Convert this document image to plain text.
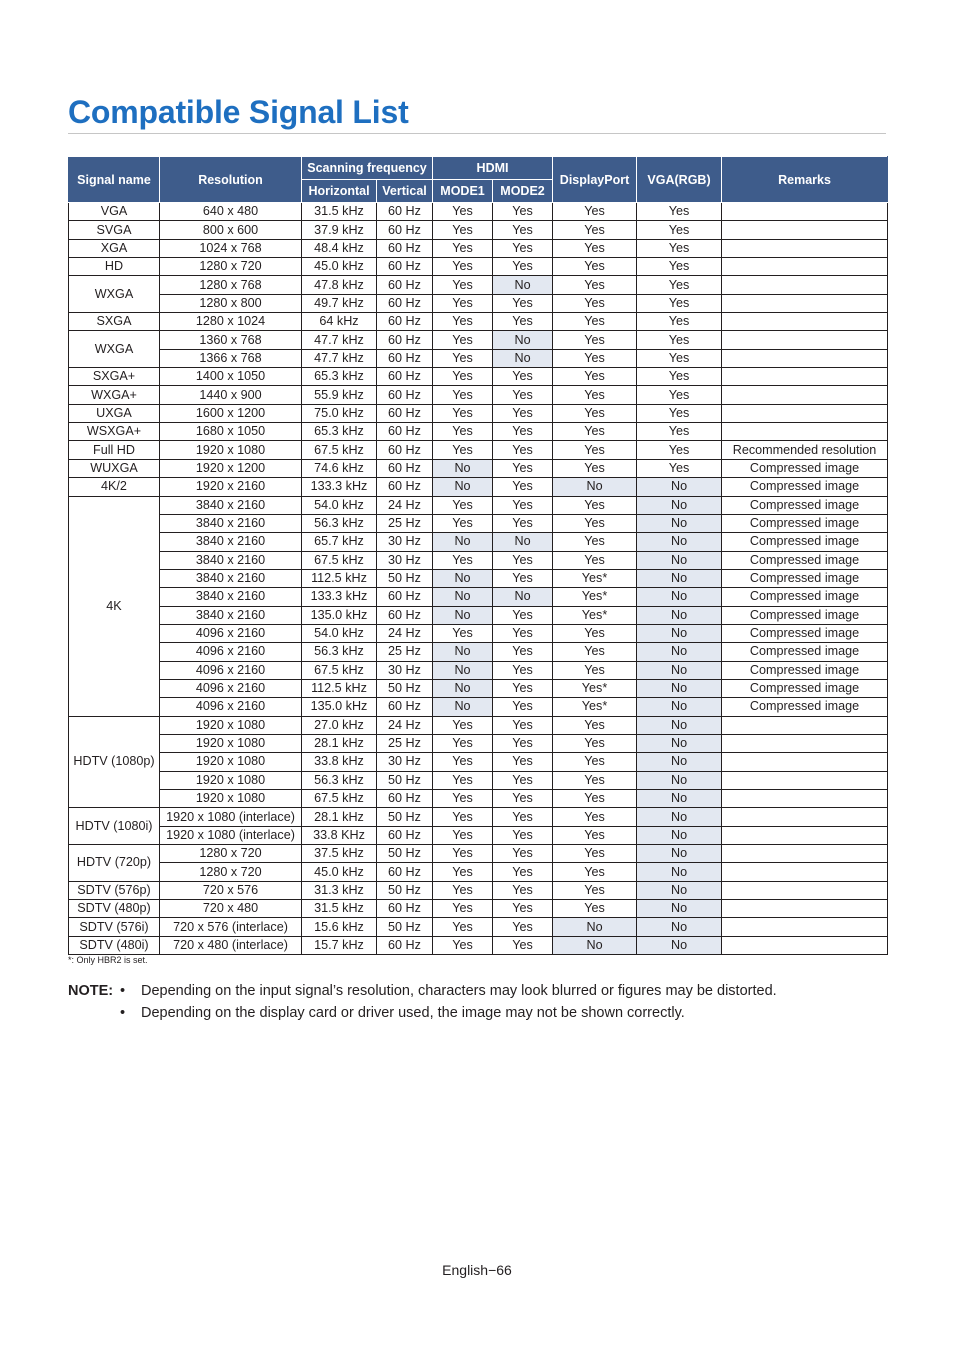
Compatible Signal List
Signal name	Resolution	Scanning frequency		HDMI		DisplayPort	VGA(RGB)	Remarks
		Horizontal	Vertical	MODE1	MODE2			
VGA	640 x 480	31.5 kHz	60 Hz	Yes	Yes	Yes	Yes	
SVGA	800 x 600	37.9 kHz	60 Hz	Yes	Yes	Yes	Yes	
XGA	1024 x 768	48.4 kHz	60 Hz	Yes	Yes	Yes	Yes	
HD	1280 x 720	45.0 kHz	60 Hz	Yes	Yes	Yes	Yes	
WXGA	1280 x 768	47.8 kHz	60 Hz	Yes	No	Yes	Yes	
	1280 x 800	49.7 kHz	60 Hz	Yes	Yes	Yes	Yes	
SXGA	1280 x 1024	64 kHz	60 Hz	Yes	Yes	Yes	Yes	
WXGA	1360 x 768	47.7 kHz	60 Hz	Yes	No	Yes	Yes	
	1366 x 768	47.7 kHz	60 Hz	Yes	No	Yes	Yes	
SXGA+	1400 x 1050	65.3 kHz	60 Hz	Yes	Yes	Yes	Yes	
WXGA+	1440 x 900	55.9 kHz	60 Hz	Yes	Yes	Yes	Yes	
UXGA	1600 x 1200	75.0 kHz	60 Hz	Yes	Yes	Yes	Yes	
WSXGA+	1680 x 1050	65.3 kHz	60 Hz	Yes	Yes	Yes	Yes	
Full HD	1920 x 1080	67.5 kHz	60 Hz	Yes	Yes	Yes	Yes	Recommended resolution
WUXGA	1920 x 1200	74.6 kHz	60 Hz	No	Yes	Yes	Yes	Compressed image
4K/2	1920 x 2160	133.3 kHz	60 Hz	No	Yes	No	No	Compressed image
4K	3840 x 2160	54.0 kHz	24 Hz	Yes	Yes	Yes	No	Compressed image
	3840 x 2160	56.3 kHz	25 Hz	Yes	Yes	Yes	No	Compressed image
	3840 x 2160	65.7 kHz	30 Hz	No	No	Yes	No	Compressed image
	3840 x 2160	67.5 kHz	30 Hz	Yes	Yes	Yes	No	Compressed image
	3840 x 2160	112.5 kHz	50 Hz	No	Yes	Yes*	No	Compressed image
	3840 x 2160	133.3 kHz	60 Hz	No	No	Yes*	No	Compressed image
	3840 x 2160	135.0 kHz	60 Hz	No	Yes	Yes*	No	Compressed image
	4096 x 2160	54.0 kHz	24 Hz	Yes	Yes	Yes	No	Compressed image
	4096 x 2160	56.3 kHz	25 Hz	No	Yes	Yes	No	Compressed image
	4096 x 2160	67.5 kHz	30 Hz	No	Yes	Yes	No	Compressed image
	4096 x 2160	112.5 kHz	50 Hz	No	Yes	Yes*	No	Compressed image
	4096 x 2160	135.0 kHz	60 Hz	No	Yes	Yes*	No	Compressed image
HDTV (1080p)	1920 x 1080	27.0 kHz	24 Hz	Yes	Yes	Yes	No	
	1920 x 1080	28.1 kHz	25 Hz	Yes	Yes	Yes	No	
	1920 x 1080	33.8 kHz	30 Hz	Yes	Yes	Yes	No	
	1920 x 1080	56.3 kHz	50 Hz	Yes	Yes	Yes	No	
	1920 x 1080	67.5 kHz	60 Hz	Yes	Yes	Yes	No	
HDTV (1080i)	1920 x 1080 (interlace)	28.1 kHz	50 Hz	Yes	Yes	Yes	No	
	1920 x 1080 (interlace)	33.8 KHz	60 Hz	Yes	Yes	Yes	No	
HDTV (720p)	1280 x 720	37.5 kHz	50 Hz	Yes	Yes	Yes	No	
	1280 x 720	45.0 kHz	60 Hz	Yes	Yes	Yes	No	
SDTV (576p)	720 x 576	31.3 kHz	50 Hz	Yes	Yes	Yes	No	
SDTV (480p)	720 x 480	31.5 kHz	60 Hz	Yes	Yes	Yes	No	
SDTV (576i)	720 x 576 (interlace)	15.6 kHz	50 Hz	Yes	Yes	No	No	
SDTV (480i)	720 x 480 (interlace)	15.7 kHz	60 Hz	Yes	Yes	No	No	
*: Only HBR2 is set.
NOTE: • Depending on the input signal’s resolution, characters may look blurred or figures may be distorted.
• Depending on the display card or driver used, the image may not be shown correctly.
English−66
